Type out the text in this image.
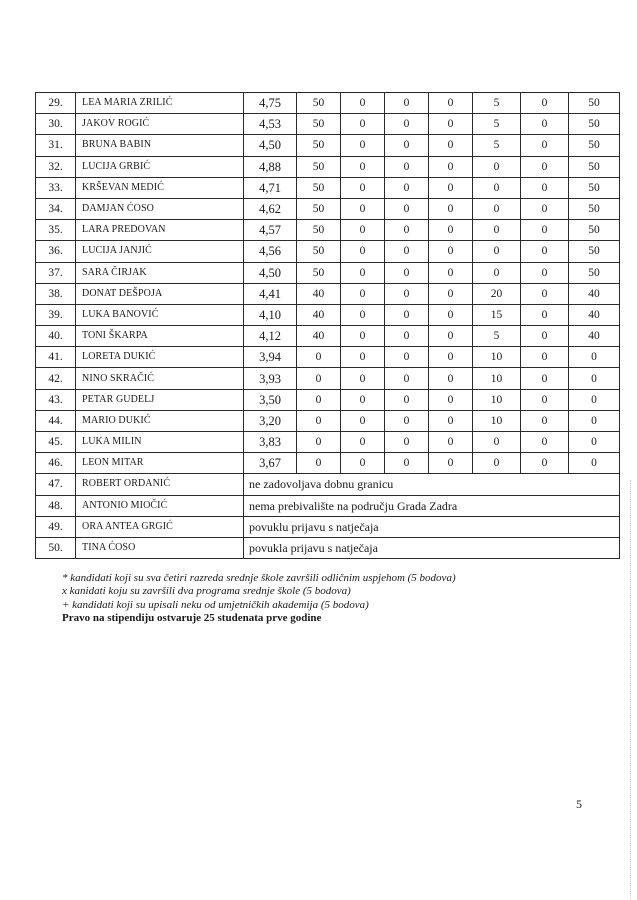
29.	LEA MARIA ZRILIĆ	4,75	50	0	0	0	5	0	50
30.	JAKOV ROGIĆ	4,53	50	0	0	0	5	0	50
31.	BRUNA BABIN	4,50	50	0	0	0	5	0	50
32.	LUCIJA GRBIĆ	4,88	50	0	0	0	0	0	50
33.	KRŠEVAN MEDIĆ	4,71	50	0	0	0	0	0	50
34.	DAMJAN ĆOSO	4,62	50	0	0	0	0	0	50
35.	LARA PREDOVAN	4,57	50	0	0	0	0	0	50
36.	LUCIJA JANJIĆ	4,56	50	0	0	0	0	0	50
37.	SARA ČIRJAK	4,50	50	0	0	0	0	0	50
38.	DONAT DEŠPOJA	4,41	40	0	0	0	20	0	40
39.	LUKA BANOVIĆ	4,10	40	0	0	0	15	0	40
40.	TONI ŠKARPA	4,12	40	0	0	0	5	0	40
41.	LORETA DUKIĆ	3,94	0	0	0	0	10	0	0
42.	NINO SKRAČIĆ	3,93	0	0	0	0	10	0	0
43.	PETAR GUDELJ	3,50	0	0	0	0	10	0	0
44.	MARIO DUKIĆ	3,20	0	0	0	0	10	0	0
45.	LUKA MILIN	3,83	0	0	0	0	0	0	0
46.	LEON MITAR	3,67	0	0	0	0	0	0	0
47.	ROBERT ORDANIĆ	ne zadovoljava dobnu granicu							
48.	ANTONIO MIOČIĆ	nema prebivalište na području Grada Zadra							
49.	ORA ANTEA GRGIĆ	povuklu prijavu s natječaja							
50.	TINA ĆOSO	povukla prijavu s natječaja							
* kandidati koji su sva četiri razreda srednje škole završili odličnim uspjehom (5 bodova)
x kanidati koju su završili dva programa srednje škole (5 bodova)
+ kandidati koji su upisali neku od umjetničkih akademija (5 bodova)
Pravo na stipendiju ostvaruje 25 studenata prve godine
5
